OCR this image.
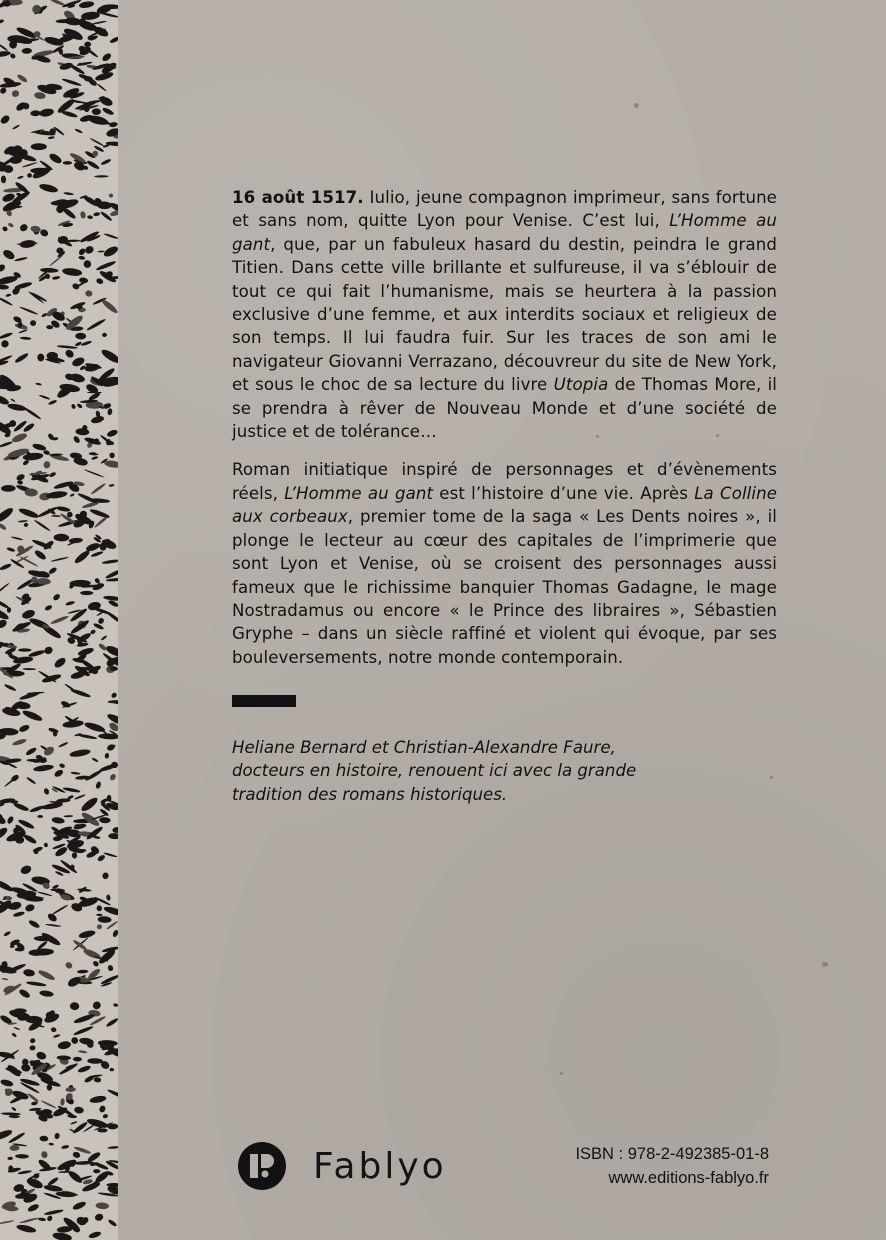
16 août 1517. Iulio, jeune compagnon imprimeur, sans fortune et sans nom, quitte Lyon pour Venise. C’est lui, L’Homme au gant, que, par un fabuleux hasard du destin, peindra le grand Titien. Dans cette ville brillante et sulfureuse, il va s’éblouir de tout ce qui fait l’humanisme, mais se heurtera à la passion exclusive d’une femme, et aux interdits sociaux et religieux de son temps. Il lui faudra fuir. Sur les traces de son ami le navigateur Giovanni Verrazano, découvreur du site de New York, et sous le choc de sa lecture du livre Utopia de Thomas More, il se prendra à rêver de Nouveau Monde et d’une société de justice et de tolérance…

Roman initiatique inspiré de personnages et d’évènements réels, L’Homme au gant est l’histoire d’une vie. Après La Colline aux corbeaux, premier tome de la saga « Les Dents noires », il plonge le lecteur au cœur des capitales de l’imprimerie que sont Lyon et Venise, où se croisent des personnages aussi fameux que le richissime banquier Thomas Gadagne, le mage Nostradamus ou encore « le Prince des libraires », Sébastien Gryphe – dans un siècle raffiné et violent qui évoque, par ses bouleversements, notre monde contemporain.

Heliane Bernard et Christian-Alexandre Faure,
docteurs en histoire, renouent ici avec la grande
tradition des romans historiques.
Fablyo	ISBN : 978-2-492385-01-8
www.editions-fablyo.fr
